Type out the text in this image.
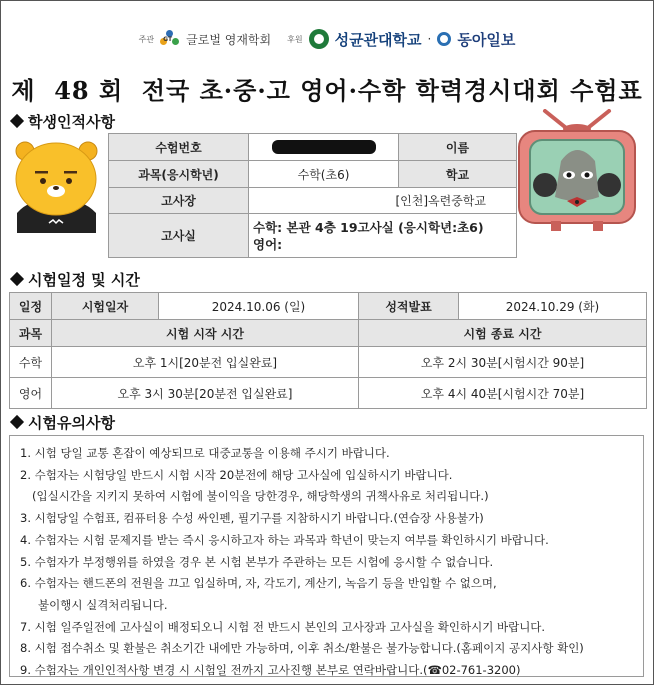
주관 GT 글로벌 영재학회 후원 성균관대학교 · 동아일보
제  48 회  전국 초·중·고 영어·수학 학력경시대회 수험표
학생인적사항
수험번호		이름
과목(응시학년)	수학(초6)	학교
고사장	[인천]옥련중학교	
고사실	수학: 본관 4층 19고사실 (응시학년:초6)
영어:	
시험일정 및 시간
일정	시험일자	2024.10.06 (일)	성적발표	2024.10.29 (화)
과목	시험 시작 시간		시험 종료 시간	
수학	오후 1시[20분전 입실완료]		오후 2시 30분[시험시간 90분]	
영어	오후 3시 30분[20분전 입실완료]		오후 4시 40분[시험시간 70분]	
시험유의사항
1. 시험 당일 교통 혼잡이 예상되므로 대중교통을 이용해 주시기 바랍니다.
2. 수험자는 시험당일 반드시 시험 시작 20분전에 해당 고사실에 입실하시기 바랍니다.
(입실시간을 지키지 못하여 시험에 불이익을 당한경우, 해당학생의 귀책사유로 처리됩니다.)
3. 시험당일 수험표, 컴퓨터용 수성 싸인펜, 필기구를 지참하시기 바랍니다.(연습장 사용불가)
4. 수험자는 시험 문제지를 받는 즉시 응시하고자 하는 과목과 학년이 맞는지 여부를 확인하시기 바랍니다.
5. 수험자가 부정행위를 하였을 경우 본 시험 본부가 주관하는 모든 시험에 응시할 수 없습니다.
6. 수험자는 핸드폰의 전원을 끄고 입실하며, 자, 각도기, 계산기, 녹음기 등을 반입할 수 없으며,
불이행시 실격처리됩니다.
7. 시험 일주일전에 고사실이 배정되오니 시험 전 반드시 본인의 고사장과 고사실을 확인하시기 바랍니다.
8. 시험 접수취소 및 환불은 취소기간 내에만 가능하며, 이후 취소/환불은 불가능합니다.(홈페이지 공지사항 확인)
9. 수험자는 개인인적사항 변경 시 시험일 전까지 고사진행 본부로 연락바랍니다.(☎02-761-3200)
